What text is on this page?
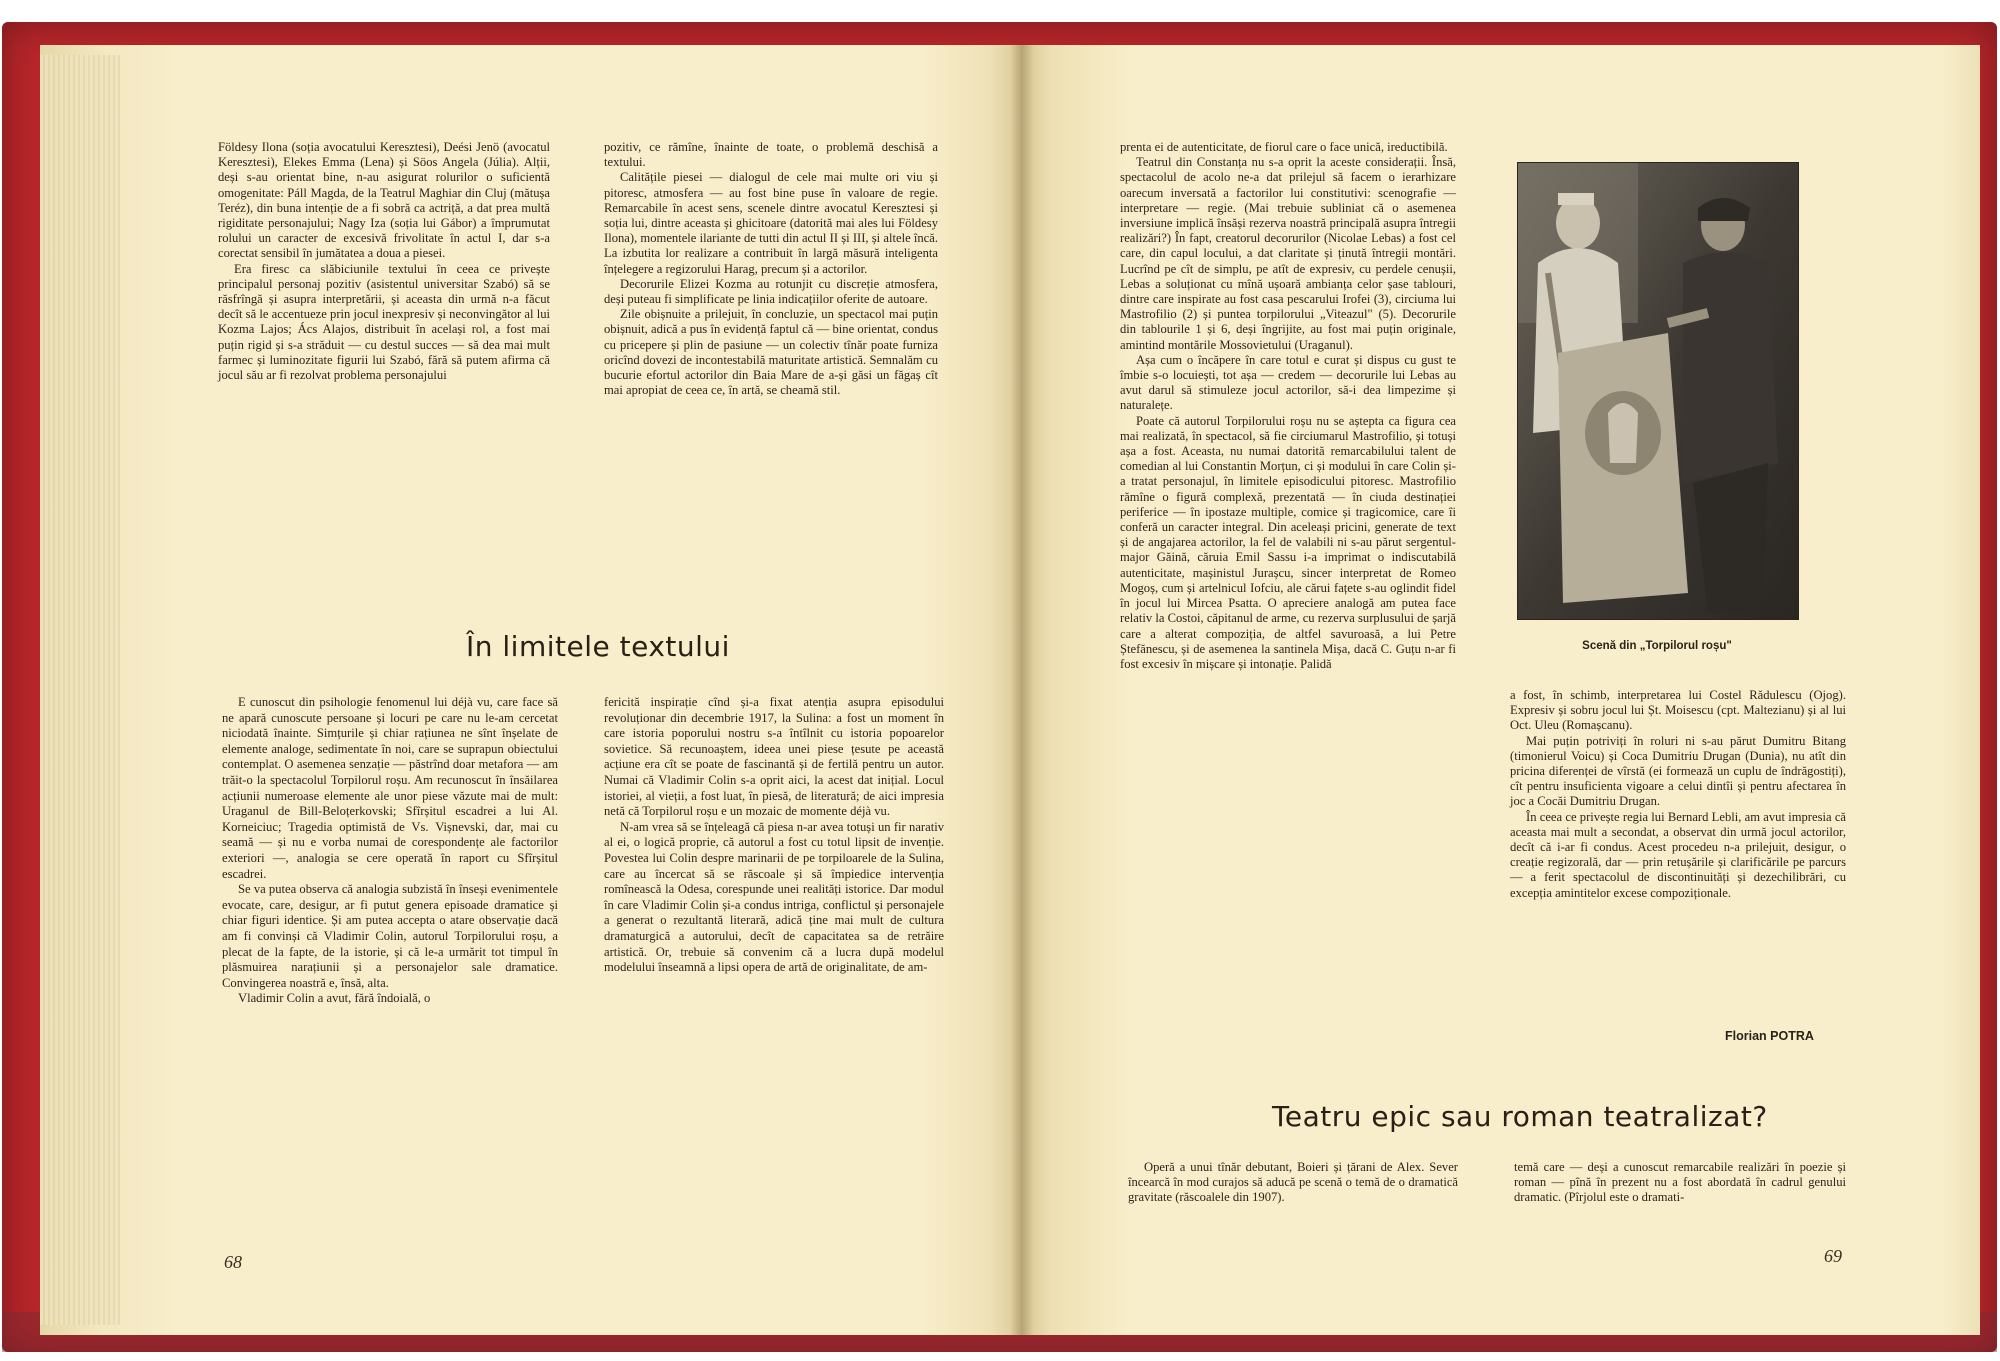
Földesy Ilona (soția avocatului Keresztesi), Deési Jenö (avocatul Keresztesi), Elekes Emma (Lena) și Söos Angela (Júlia). Alții, deși s-au orientat bine, n-au asigurat rolurilor o suficientă omogenitate: Páll Magda, de la Teatrul Maghiar din Cluj (mătușa Teréz), din buna intenție de a fi sobră ca actriță, a dat prea multă rigiditate personajului; Nagy Iza (soția lui Gábor) a împrumutat rolului un caracter de excesivă frivolitate în actul I, dar s-a corectat sensibil în jumătatea a doua a piesei.

Era firesc ca slăbiciunile textului în ceea ce privește principalul personaj pozitiv (asistentul universitar Szabó) să se răsfrîngă și asupra interpretării, și aceasta din urmă n-a făcut decît să le accentueze prin jocul inexpresiv și neconvingător al lui Kozma Lajos; Ács Alajos, distribuit în același rol, a fost mai puțin rigid și s-a străduit — cu destul succes — să dea mai mult farmec și luminozitate figurii lui Szabó, fără să putem afirma că jocul său ar fi rezolvat problema personajului

pozitiv, ce rămîne, înainte de toate, o problemă deschisă a textului.

Calitățile piesei — dialogul de cele mai multe ori viu și pitoresc, atmosfera — au fost bine puse în valoare de regie. Remarcabile în acest sens, scenele dintre avocatul Keresztesi și soția lui, dintre aceasta și ghicitoare (datorită mai ales lui Földesy Ilona), momentele ilariante de tutti din actul II și III, și altele încă. La izbutita lor realizare a contribuit în largă măsură inteligenta înțelegere a regizorului Harag, precum și a actorilor.

Decorurile Elizei Kozma au rotunjit cu discreție atmosfera, deși puteau fi simplificate pe linia indicațiilor oferite de autoare.

Zile obișnuite a prilejuit, în concluzie, un spectacol mai puțin obișnuit, adică a pus în evidență faptul că — bine orientat, condus cu pricepere și plin de pasiune — un colectiv tînăr poate furniza oricînd dovezi de incontestabilă maturitate artistică. Semnalăm cu bucurie efortul actorilor din Baia Mare de a-și găsi un făgaș cît mai apropiat de ceea ce, în artă, se cheamă stil.

În limitele textului

E cunoscut din psihologie fenomenul lui déjà vu, care face să ne apară cunoscute persoane și locuri pe care nu le-am cercetat niciodată înainte. Simțurile și chiar rațiunea ne sînt înșelate de elemente analoge, sedimentate în noi, care se suprapun obiectului contemplat. O asemenea senzație — păstrînd doar metafora — am trăit-o la spectacolul Torpilorul roșu. Am recunoscut în însăilarea acțiunii numeroase elemente ale unor piese văzute mai de mult: Uraganul de Bill-Beloțerkovski; Sfîrșitul escadrei a lui Al. Korneiciuc; Tragedia optimistă de Vs. Vișnevski, dar, mai cu seamă — și nu e vorba numai de corespondențe ale factorilor exteriori —, analogia se cere operată în raport cu Sfîrșitul escadrei.

Se va putea observa că analogia subzistă în înseși evenimentele evocate, care, desigur, ar fi putut genera episoade dramatice și chiar figuri identice. Și am putea accepta o atare observație dacă am fi convinși că Vladimir Colin, autorul Torpilorului roșu, a plecat de la fapte, de la istorie, și că le-a urmărit tot timpul în plăsmuirea narațiunii și a personajelor sale dramatice. Convingerea noastră e, însă, alta.

Vladimir Colin a avut, fără îndoială, o

fericită inspirație cînd și-a fixat atenția asupra episodului revoluționar din decembrie 1917, la Sulina: a fost un moment în care istoria poporului nostru s-a întîlnit cu istoria popoarelor sovietice. Să recunoaștem, ideea unei piese țesute pe această acțiune era cît se poate de fascinantă și de fertilă pentru un autor. Numai că Vladimir Colin s-a oprit aici, la acest dat inițial. Locul istoriei, al vieții, a fost luat, în piesă, de literatură; de aici impresia netă că Torpilorul roșu e un mozaic de momente déjà vu.

N-am vrea să se înțeleagă că piesa n-ar avea totuși un fir narativ al ei, o logică proprie, că autorul a fost cu totul lipsit de invenție. Povestea lui Colin despre marinarii de pe torpiloarele de la Sulina, care au încercat să se răscoale și să împiedice intervenția romînească la Odesa, corespunde unei realități istorice. Dar modul în care Vladimir Colin și-a condus intriga, conflictul și personajele a generat o rezultantă literară, adică ține mai mult de cultura dramaturgică a autorului, decît de capacitatea sa de retrăire artistică. Or, trebuie să convenim că a lucra după modelul modelului înseamnă a lipsi opera de artă de originalitate, de am-

68

prenta ei de autenticitate, de fiorul care o face unică, ireductibilă.

Teatrul din Constanța nu s-a oprit la aceste considerații. Însă, spectacolul de acolo ne-a dat prilejul să facem o ierarhizare oarecum inversată a factorilor lui constitutivi: scenografie — interpretare — regie. (Mai trebuie subliniat că o asemenea inversiune implică însăși rezerva noastră principală asupra întregii realizări?) În fapt, creatorul decorurilor (Nicolae Lebas) a fost cel care, din capul locului, a dat claritate și ținută întregii montări. Lucrînd pe cît de simplu, pe atît de expresiv, cu perdele cenușii, Lebas a soluționat cu mînă ușoară ambianța celor șase tablouri, dintre care inspirate au fost casa pescarului Irofei (3), circiuma lui Mastrofilio (2) și puntea torpilorului „Viteazul" (5). Decorurile din tablourile 1 și 6, deși îngrijite, au fost mai puțin originale, amintind montările Mossovietului (Uraganul).

Așa cum o încăpere în care totul e curat și dispus cu gust te îmbie s-o locuiești, tot așa — credem — decorurile lui Lebas au avut darul să stimuleze jocul actorilor, să-i dea limpezime și naturalețe.

Poate că autorul Torpilorului roșu nu se aștepta ca figura cea mai realizată, în spectacol, să fie circiumarul Mastrofilio, și totuși așa a fost. Aceasta, nu numai datorită remarcabilului talent de comedian al lui Constantin Morțun, ci și modului în care Colin și-a tratat personajul, în limitele episodicului pitoresc. Mastrofilio rămîne o figură complexă, prezentată — în ciuda destinației periferice — în ipostaze multiple, comice și tragicomice, care îi conferă un caracter integral. Din aceleași pricini, generate de text și de angajarea actorilor, la fel de valabili ni s-au părut sergentul-major Găină, căruia Emil Sassu i-a imprimat o indiscutabilă autenticitate, mașinistul Jurașcu, sincer interpretat de Romeo Mogoș, cum și artelnicul Iofciu, ale cărui fațete s-au oglindit fidel în jocul lui Mircea Psatta. O apreciere analogă am putea face relativ la Costoi, căpitanul de arme, cu rezerva surplusului de șarjă care a alterat compoziția, de altfel savuroasă, a lui Petre Ștefănescu, și de asemenea la santinela Mișa, dacă C. Guțu n-ar fi fost excesiv în mișcare și intonație. Palidă

Scenă din „Torpilorul roșu"

a fost, în schimb, interpretarea lui Costel Rădulescu (Ojog). Expresiv și sobru jocul lui Șt. Moisescu (cpt. Maltezianu) și al lui Oct. Uleu (Romașcanu).

Mai puțin potriviți în roluri ni s-au părut Dumitru Bitang (timonierul Voicu) și Coca Dumitriu Drugan (Dunia), nu atît din pricina diferenței de vîrstă (ei formează un cuplu de îndrăgostiți), cît pentru insuficienta vigoare a celui dintîi și pentru afectarea în joc a Cocăi Dumitriu Drugan.

În ceea ce privește regia lui Bernard Lebli, am avut impresia că aceasta mai mult a secondat, a observat din urmă jocul actorilor, decît că i-ar fi condus. Acest procedeu n-a prilejuit, desigur, o creație regizorală, dar — prin retușările și clarificările pe parcurs — a ferit spectacolul de discontinuități și dezechilibrări, cu excepția amintitelor excese compoziționale.

Florian POTRA
Teatru epic sau roman teatralizat?

Operă a unui tînăr debutant, Boieri și țărani de Alex. Sever încearcă în mod curajos să aducă pe scenă o temă de o dramatică gravitate (răscoalele din 1907).

temă care — deși a cunoscut remarcabile realizări în poezie și roman — pînă în prezent nu a fost abordată în cadrul genului dramatic. (Pîrjolul este o dramati-

69
